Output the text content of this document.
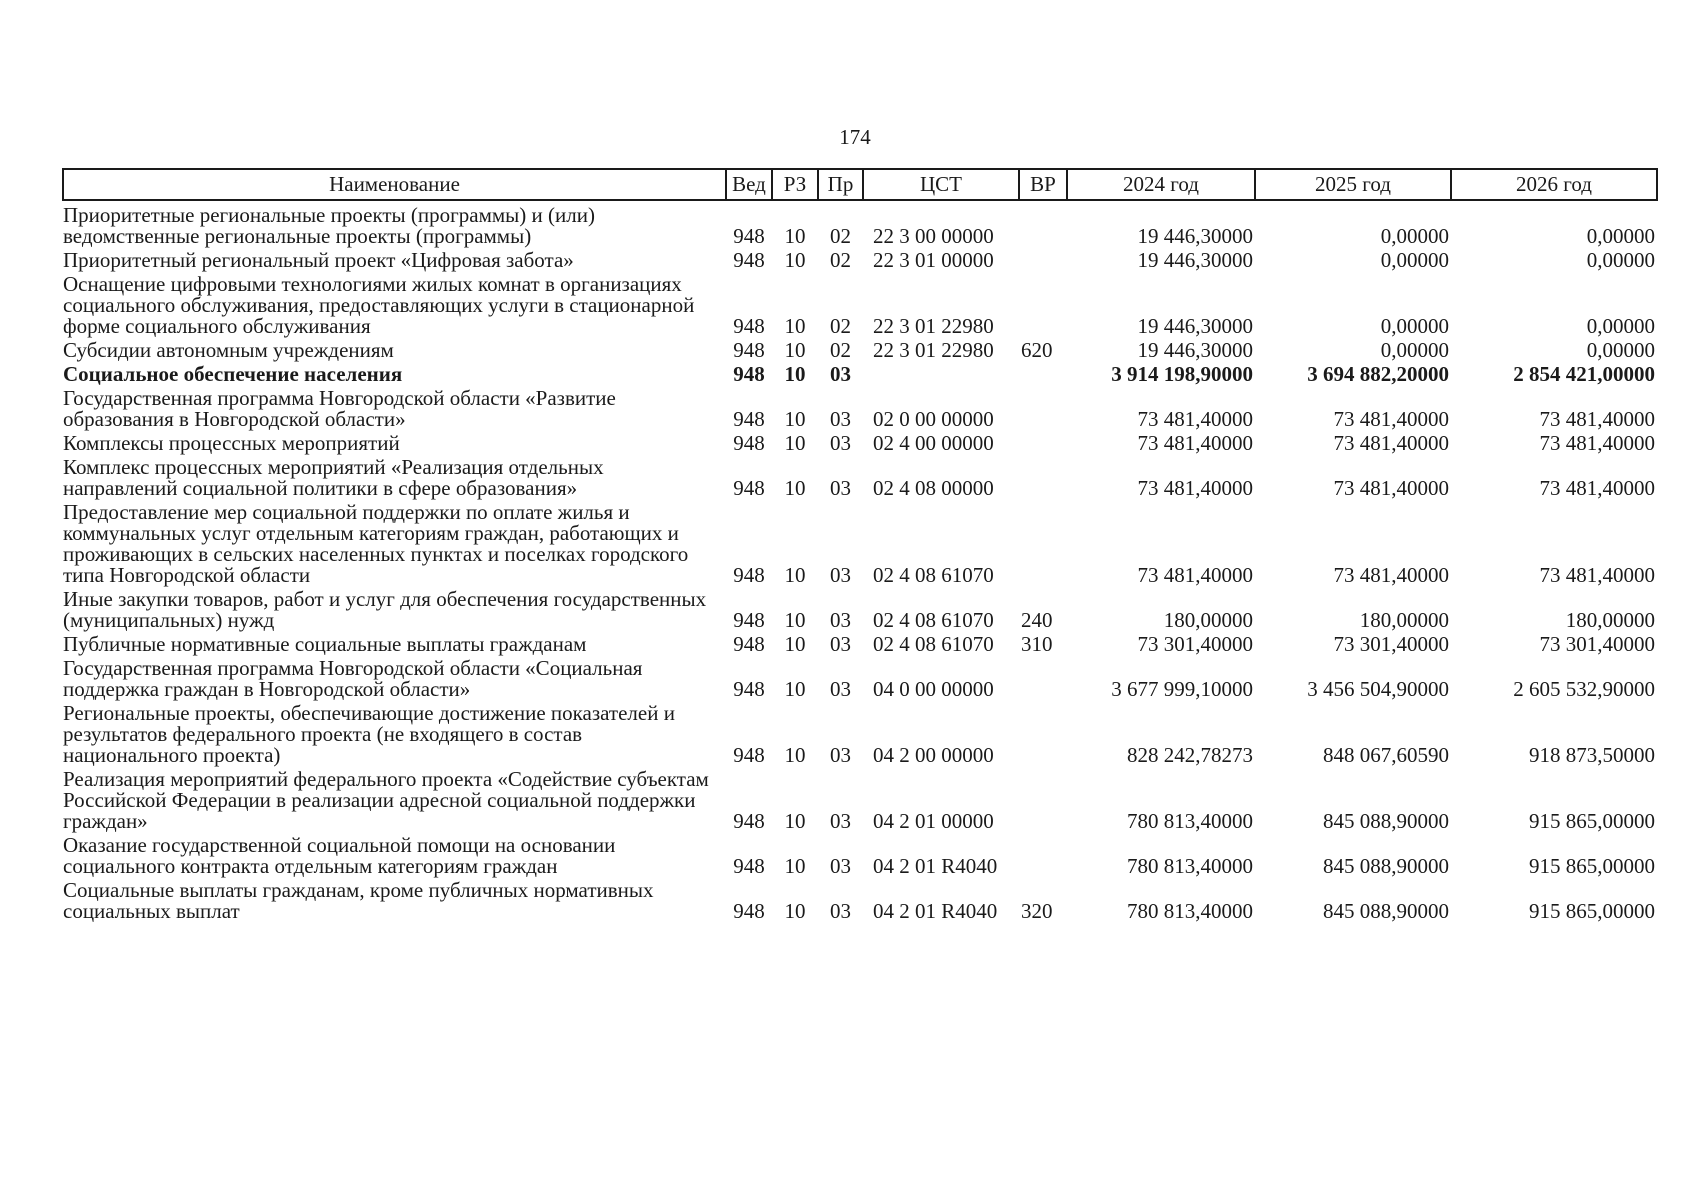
174
Наименование	Вед	РЗ	Пр	ЦСТ	ВР	2024 год	2025 год	2026 год
Приоритетные региональные проекты (программы) и (или) ведомственные региональные проекты (программы)	948	10	02	22 3 00 00000		19 446,30000	0,00000	0,00000
Приоритетный региональный проект «Цифровая забота»	948	10	02	22 3 01 00000		19 446,30000	0,00000	0,00000
Оснащение цифровыми технологиями жилых комнат в организациях социального обслуживания, предоставляющих услуги в стационарной форме социального обслуживания	948	10	02	22 3 01 22980		19 446,30000	0,00000	0,00000
Субсидии автономным учреждениям	948	10	02	22 3 01 22980	620	19 446,30000	0,00000	0,00000
Социальное обеспечение населения	948	10	03			3 914 198,90000	3 694 882,20000	2 854 421,00000
Государственная программа Новгородской области «Развитие образования в Новгородской области»	948	10	03	02 0 00 00000		73 481,40000	73 481,40000	73 481,40000
Комплексы процессных мероприятий	948	10	03	02 4 00 00000		73 481,40000	73 481,40000	73 481,40000
Комплекс процессных мероприятий «Реализация отдельных направлений социальной политики в сфере образования»	948	10	03	02 4 08 00000		73 481,40000	73 481,40000	73 481,40000
Предоставление мер социальной поддержки по оплате жилья и коммунальных услуг отдельным категориям граждан, работающих и проживающих в сельских населенных пунктах и поселках городского типа Новгородской области	948	10	03	02 4 08 61070		73 481,40000	73 481,40000	73 481,40000
Иные закупки товаров, работ и услуг для обеспечения государственных (муниципальных) нужд	948	10	03	02 4 08 61070	240	180,00000	180,00000	180,00000
Публичные нормативные социальные выплаты гражданам	948	10	03	02 4 08 61070	310	73 301,40000	73 301,40000	73 301,40000
Государственная программа Новгородской области «Социальная поддержка граждан в Новгородской области»	948	10	03	04 0 00 00000		3 677 999,10000	3 456 504,90000	2 605 532,90000
Региональные проекты, обеспечивающие достижение показателей и результатов федерального проекта (не входящего в состав национального проекта)	948	10	03	04 2 00 00000		828 242,78273	848 067,60590	918 873,50000
Реализация мероприятий федерального проекта «Содействие субъектам Российской Федерации в реализации адресной социальной поддержки граждан»	948	10	03	04 2 01 00000		780 813,40000	845 088,90000	915 865,00000
Оказание государственной социальной помощи на основании социального контракта отдельным категориям граждан	948	10	03	04 2 01 R4040		780 813,40000	845 088,90000	915 865,00000
Социальные выплаты гражданам, кроме публичных нормативных социальных выплат	948	10	03	04 2 01 R4040	320	780 813,40000	845 088,90000	915 865,00000
